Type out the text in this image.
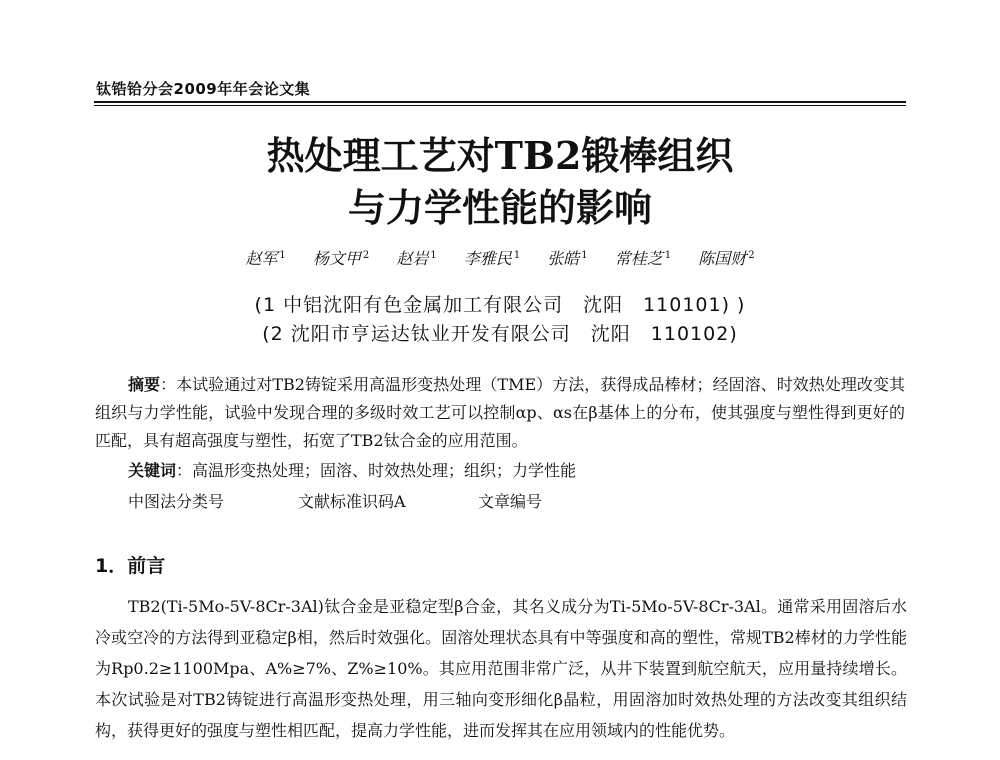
钛锆铪分会2009年年会论文集
热处理工艺对TB2锻棒组织
与力学性能的影响
赵军 $^1$ 杨文甲 $^2$ 赵岩 $^1$ 李雅民 $^1$ 张皓 $^1$ 常桂芝 $^1$ 陈国财 $^2$
(1 中铝沈阳有色金属加工有限公司　沈阳　110101) )
(2 沈阳市亨运达钛业开发有限公司　沈阳　110102)

摘要：本试验通过对TB2铸锭采用高温形变热处理（TME）方法，获得成品棒材；经固溶、时效热处理改变其组织与力学性能，试验中发现合理的多级时效工艺可以控制αp、αs在β基体上的分布，使其强度与塑性得到更好的匹配，具有超高强度与塑性，拓宽了TB2钛合金的应用范围。

关键词：高温形变热处理；固溶、时效热处理；组织；力学性能
中图法分类号	文献标准识码A	文章编号
1．前言

TB2(Ti-5Mo-5V-8Cr-3Al)钛合金是亚稳定型β合金，其名义成分为Ti-5Mo-5V-8Cr-3Al。通常采用固溶后水冷或空冷的方法得到亚稳定β相，然后时效强化。固溶处理状态具有中等强度和高的塑性，常规TB2棒材的力学性能为Rp0.2≥1100Mpa、A%≥7%、Z%≥10%。其应用范围非常广泛，从井下装置到航空航天，应用量持续增长。本次试验是对TB2铸锭进行高温形变热处理，用三轴向变形细化β晶粒，用固溶加时效热处理的方法改变其组织结构，获得更好的强度与塑性相匹配，提高力学性能，进而发挥其在应用领域内的性能优势。
